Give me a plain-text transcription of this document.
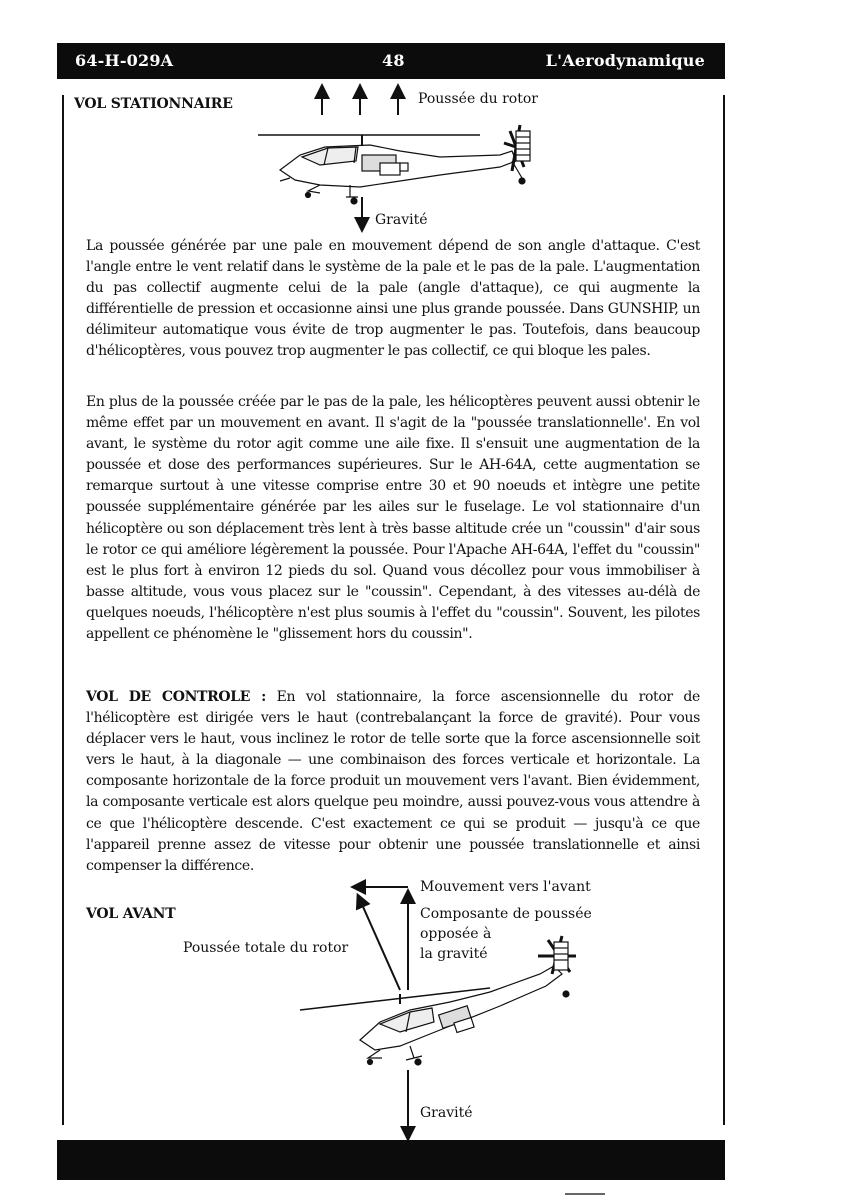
64-H-029A	48	L'Aerodynamique
VOL STATIONNAIRE	Poussée du rotor
Gravité
La poussée générée par une pale en mouvement dépend de son angle d'attaque. C'est l'angle entre le vent relatif dans le système de la pale et le pas de la pale. L'augmentation du pas collectif augmente celui de la pale (angle d'attaque), ce qui augmente la différentielle de pression et occasionne ainsi une plus grande poussée. Dans GUNSHIP, un délimiteur automatique vous évite de trop augmenter le pas. Toutefois, dans beaucoup d'hélicoptères, vous pouvez trop augmenter le pas collectif, ce qui bloque les pales.
En plus de la poussée créée par le pas de la pale, les hélicoptères peuvent aussi obtenir le même effet par un mouvement en avant. Il s'agit de la "poussée translationnelle'. En vol avant, le système du rotor agit comme une aile fixe. Il s'ensuit une augmentation de la poussée et dose des performances supérieures. Sur le AH-64A, cette augmentation se remarque surtout à une vitesse comprise entre 30 et 90 noeuds et intègre une petite poussée supplémentaire générée par les ailes sur le fuselage. Le vol stationnaire d'un hélicoptère ou son déplacement très lent à très basse altitude crée un "coussin" d'air sous le rotor ce qui améliore légèrement la poussée. Pour l'Apache AH-64A, l'effet du "coussin" est le plus fort à environ 12 pieds du sol. Quand vous décollez pour vous immobiliser à basse altitude, vous vous placez sur le "coussin". Cependant, à des vitesses au-délà de quelques noeuds, l'hélicoptère n'est plus soumis à l'effet du "coussin". Souvent, les pilotes appellent ce phénomène le "glissement hors du coussin".
VOL DE CONTROLE : En vol stationnaire, la force ascensionnelle du rotor de l'hélicoptère est dirigée vers le haut (contrebalançant la force de gravité). Pour vous déplacer vers le haut, vous inclinez le rotor de telle sorte que la force ascensionnelle soit vers le haut, à la diagonale — une combinaison des forces verticale et horizontale. La composante horizontale de la force produit un mouvement vers l'avant. Bien évidemment, la composante verticale est alors quelque peu moindre, aussi pouvez-vous vous attendre à ce que l'hélicoptère descende. C'est exactement ce qui se produit — jusqu'à ce que l'appareil prenne assez de vitesse pour obtenir une poussée translationnelle et ainsi compenser la différence.
VOL AVANT
Mouvement vers l'avant
Composante de poussée
opposée à
la gravité
Poussée totale du rotor
Gravité
